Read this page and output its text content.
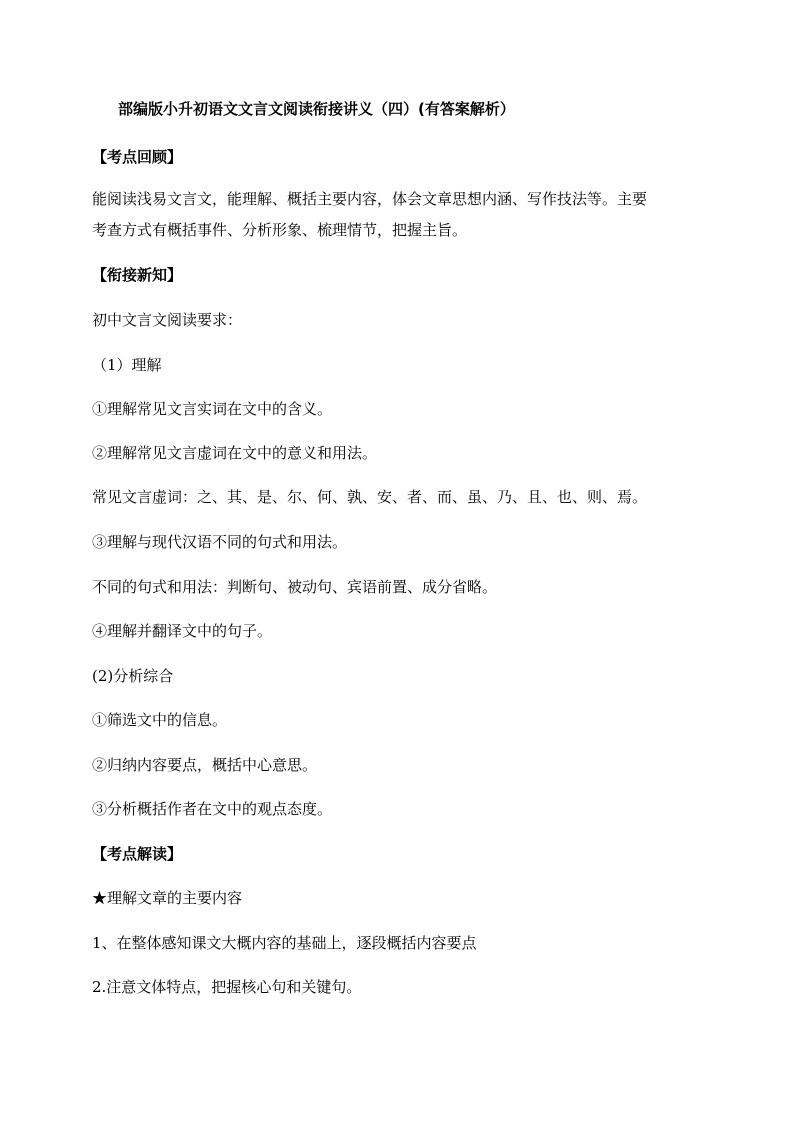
部编版小升初语文文言文阅读衔接讲义（四）(有答案解析）
【考点回顾】
能阅读浅易文言文，能理解、概括主要内容，体会文章思想内涵、写作技法等。主要
考查方式有概括事件、分析形象、梳理情节，把握主旨。
【衔接新知】
初中文言文阅读要求：
（1）理解
①理解常见文言实词在文中的含义。
②理解常见文言虚词在文中的意义和用法。
常见文言虚词：之、其、是、尔、何、孰、安、者、而、虽、乃、且、也、则、焉。
③理解与现代汉语不同的句式和用法。
不同的句式和用法：判断句、被动句、宾语前置、成分省略。
④理解并翻译文中的句子。
(2)分析综合
①筛选文中的信息。
②归纳内容要点，概括中心意思。
③分析概括作者在文中的观点态度。
【考点解读】
★理解文章的主要内容
1、在整体感知课文大概内容的基础上，逐段概括内容要点
2.注意文体特点，把握核心句和关键句。
